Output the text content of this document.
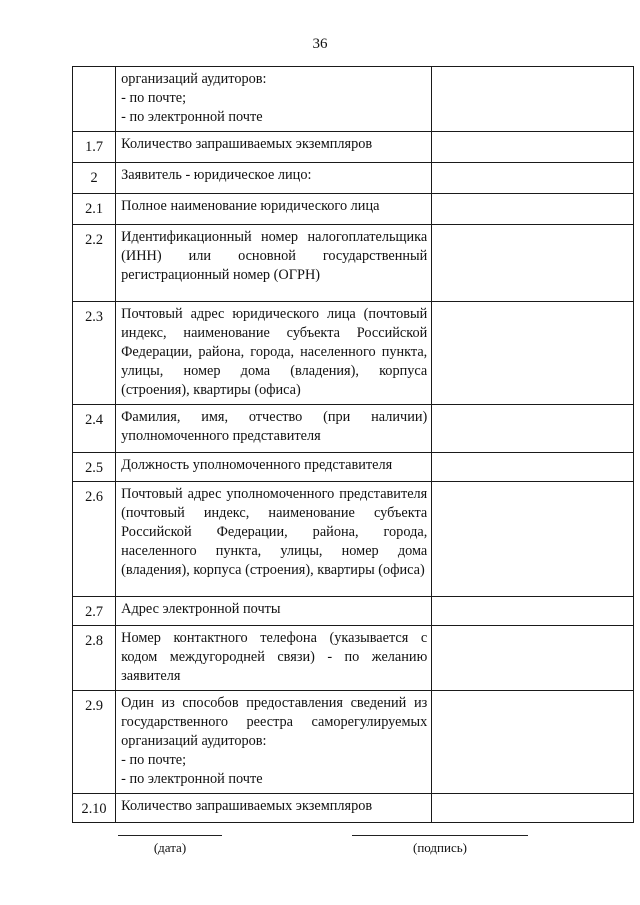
36

	организаций аудиторов:
- по почте;
- по электронной почте	

1.7	Количество запрашиваемых экземпляров	

2	Заявитель - юридическое лицо:	

2.1	Полное наименование юридического лица	

2.2	Идентификационный номер налогоплательщика (ИНН) или основной государственный регистрационный номер (ОГРН)	

2.3	Почтовый адрес юридического лица (почтовый индекс, наименование субъекта Российской Федерации, района, города, населенного пункта, улицы, номер дома (владения), корпуса (строения), квартиры (офиса)	

2.4	Фамилия, имя, отчество (при наличии) уполномоченного представителя	

2.5	Должность уполномоченного представителя	

2.6	Почтовый адрес уполномоченного представителя (почтовый индекс, наименование субъекта Российской Федерации, района, города, населенного пункта, улицы, номер дома (владения), корпуса (строения), квартиры (офиса)	

2.7	Адрес электронной почты	

2.8	Номер контактного телефона (указывается с кодом междугородней связи) - по желанию заявителя	

2.9	Один из способов предоставления сведений из государственного реестра саморегулируемых организаций аудиторов:
- по почте;
- по электронной почте	

2.10	Количество запрашиваемых экземпляров	

(дата)	(подпись)
